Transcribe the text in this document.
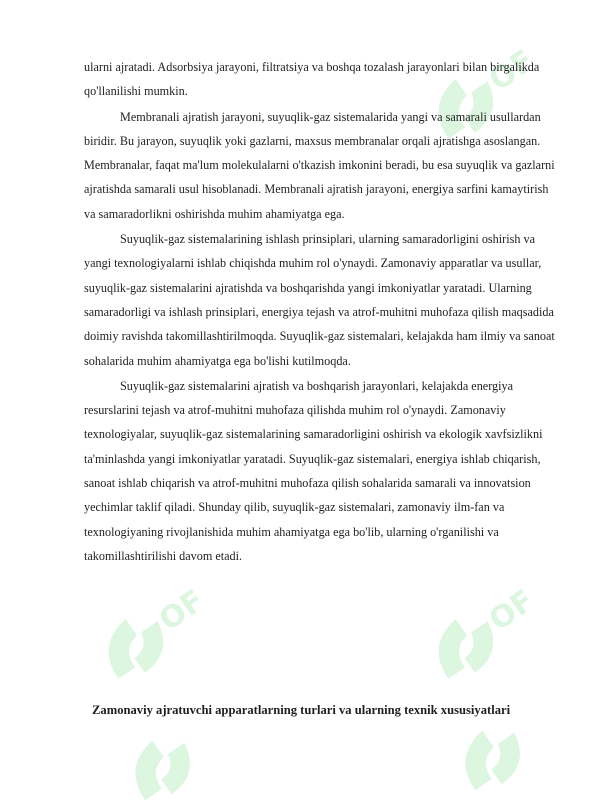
OF
OF
OF

ularni ajratadi. Adsorbsiya jarayoni, filtratsiya va boshqa tozalash jarayonlari bilan birgalikda qo'llanilishi mumkin.

Membranali ajratish jarayoni, suyuqlik-gaz sistemalarida yangi va samarali usullardan biridir. Bu jarayon, suyuqlik yoki gazlarni, maxsus membranalar orqali ajratishga asoslangan. Membranalar, faqat ma'lum molekulalarni o'tkazish imkonini beradi, bu esa suyuqlik va gazlarni ajratishda samarali usul hisoblanadi. Membranali ajratish jarayoni, energiya sarfini kamaytirish va samaradorlikni oshirishda muhim ahamiyatga ega.

Suyuqlik-gaz sistemalarining ishlash prinsiplari, ularning samaradorligini oshirish va yangi texnologiyalarni ishlab chiqishda muhim rol o'ynaydi. Zamonaviy apparatlar va usullar, suyuqlik-gaz sistemalarini ajratishda va boshqarishda yangi imkoniyatlar yaratadi. Ularning samaradorligi va ishlash prinsiplari, energiya tejash va atrof-muhitni muhofaza qilish maqsadida doimiy ravishda takomillashtirilmoqda. Suyuqlik-gaz sistemalari, kelajakda ham ilmiy va sanoat sohalarida muhim ahamiyatga ega bo'lishi kutilmoqda.

Suyuqlik-gaz sistemalarini ajratish va boshqarish jarayonlari, kelajakda energiya resurslarini tejash va atrof-muhitni muhofaza qilishda muhim rol o'ynaydi. Zamonaviy texnologiyalar, suyuqlik-gaz sistemalarining samaradorligini oshirish va ekologik xavfsizlikni ta'minlashda yangi imkoniyatlar yaratadi. Suyuqlik-gaz sistemalari, energiya ishlab chiqarish, sanoat ishlab chiqarish va atrof-muhitni muhofaza qilish sohalarida samarali va innovatsion yechimlar taklif qiladi. Shunday qilib, suyuqlik-gaz sistemalari, zamonaviy ilm-fan va texnologiyaning rivojlanishida muhim ahamiyatga ega bo'lib, ularning o'rganilishi va takomillashtirilishi davom etadi.

Zamonaviy ajratuvchi apparatlarning turlari va ularning texnik xususiyatlari
